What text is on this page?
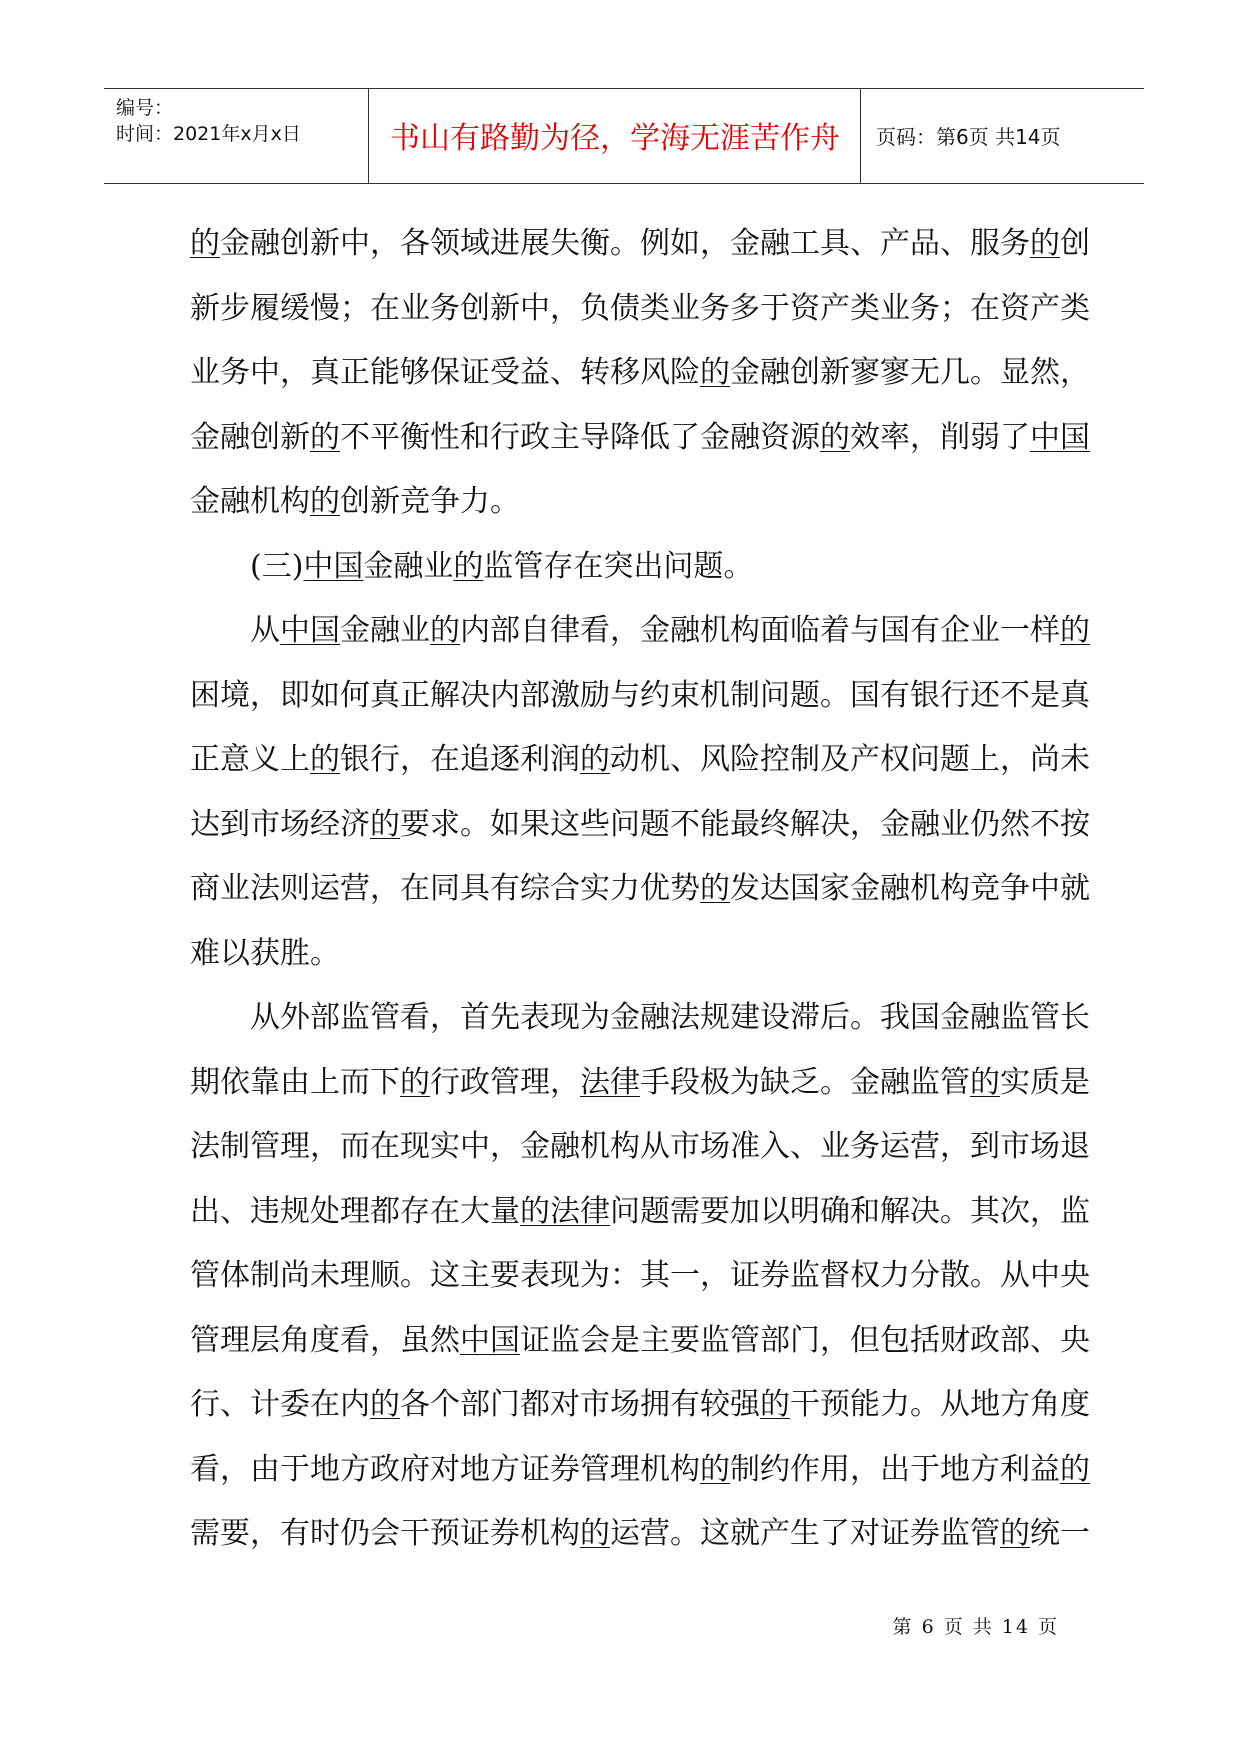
编号：
时间：2021年x月x日	书山有路勤为径，学海无涯苦作舟	页码：第6页 共14页
的金融创新中，各领域进展失衡。例如，金融工具、产品、服务的创
新步履缓慢；在业务创新中，负债类业务多于资产类业务；在资产类
业务中，真正能够保证受益、转移风险的金融创新寥寥无几。显然，
金融创新的不平衡性和行政主导降低了金融资源的效率，削弱了中国
金融机构的创新竞争力。
(三)中国金融业的监管存在突出问题。
从中国金融业的内部自律看，金融机构面临着与国有企业一样的
困境，即如何真正解决内部激励与约束机制问题。国有银行还不是真
正意义上的银行，在追逐利润的动机、风险控制及产权问题上，尚未
达到市场经济的要求。如果这些问题不能最终解决，金融业仍然不按
商业法则运营，在同具有综合实力优势的发达国家金融机构竞争中就
难以获胜。
从外部监管看，首先表现为金融法规建设滞后。我国金融监管长
期依靠由上而下的行政管理，法律手段极为缺乏。金融监管的实质是
法制管理，而在现实中，金融机构从市场准入、业务运营，到市场退
出、违规处理都存在大量的法律问题需要加以明确和解决。其次，监
管体制尚未理顺。这主要表现为：其一，证券监督权力分散。从中央
管理层角度看，虽然中国证监会是主要监管部门，但包括财政部、央
行、计委在内的各个部门都对市场拥有较强的干预能力。从地方角度
看，由于地方政府对地方证券管理机构的制约作用，出于地方利益的
需要，有时仍会干预证券机构的运营。这就产生了对证券监管的统一
第 6 页 共 14 页
